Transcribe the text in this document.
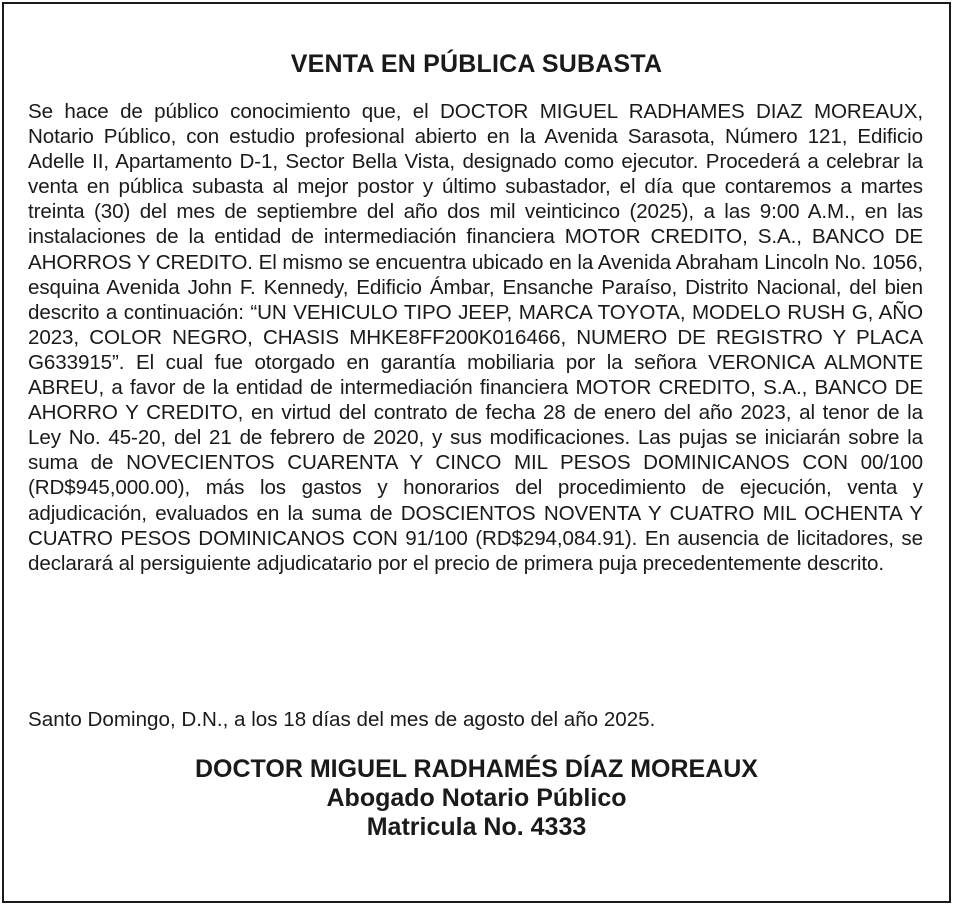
VENTA EN PÚBLICA SUBASTA

Se hace de público conocimiento que, el DOCTOR MIGUEL RADHAMES DIAZ MOREAUX, Notario Público, con estudio profesional abierto en la Avenida Sarasota, Número 121, Edificio Adelle II, Apartamento D-1, Sector Bella Vista, designado como ejecutor. Procederá a celebrar la venta en pública subasta al mejor postor y último subastador, el día que contaremos a martes treinta (30) del mes de septiembre del año dos mil veinticinco (2025), a las 9:00 A.M., en las instalaciones de la entidad de intermediación financiera MOTOR CREDITO, S.A., BANCO DE AHORROS Y CREDITO. El mismo se encuentra ubicado en la Avenida Abraham Lincoln No. 1056, esquina Avenida John F. Kennedy, Edificio Ámbar, Ensanche Paraíso, Distrito Nacional, del bien descrito a continuación: “UN VEHICULO TIPO JEEP, MARCA TOYOTA, MODELO RUSH G, AÑO 2023, COLOR NEGRO, CHASIS MHKE8FF200K016466, NUMERO DE REGISTRO Y PLACA G633915”. El cual fue otorgado en garantía mobiliaria por la señora VERONICA ALMONTE ABREU, a favor de la entidad de intermediación financiera MOTOR CREDITO, S.A., BANCO DE AHORRO Y CREDITO, en virtud del contrato de fecha 28 de enero del año 2023, al tenor de la Ley No. 45-20, del 21 de febrero de 2020, y sus modificaciones. Las pujas se iniciarán sobre la suma de NOVECIENTOS CUARENTA Y CINCO MIL PESOS DOMINICANOS CON 00/100 (RD$945,000.00), más los gastos y honorarios del procedimiento de ejecución, venta y adjudicación, evaluados en la suma de DOSCIENTOS NOVENTA Y CUATRO MIL OCHENTA Y CUATRO PESOS DOMINICANOS CON 91/100 (RD$294,084.91). En ausencia de licitadores, se declarará al persiguiente adjudicatario por el precio de primera puja precedentemente descrito.

Santo Domingo, D.N., a los 18 días del mes de agosto del año 2025.

DOCTOR MIGUEL RADHAMÉS DÍAZ MOREAUX
Abogado Notario Público
Matricula No. 4333
